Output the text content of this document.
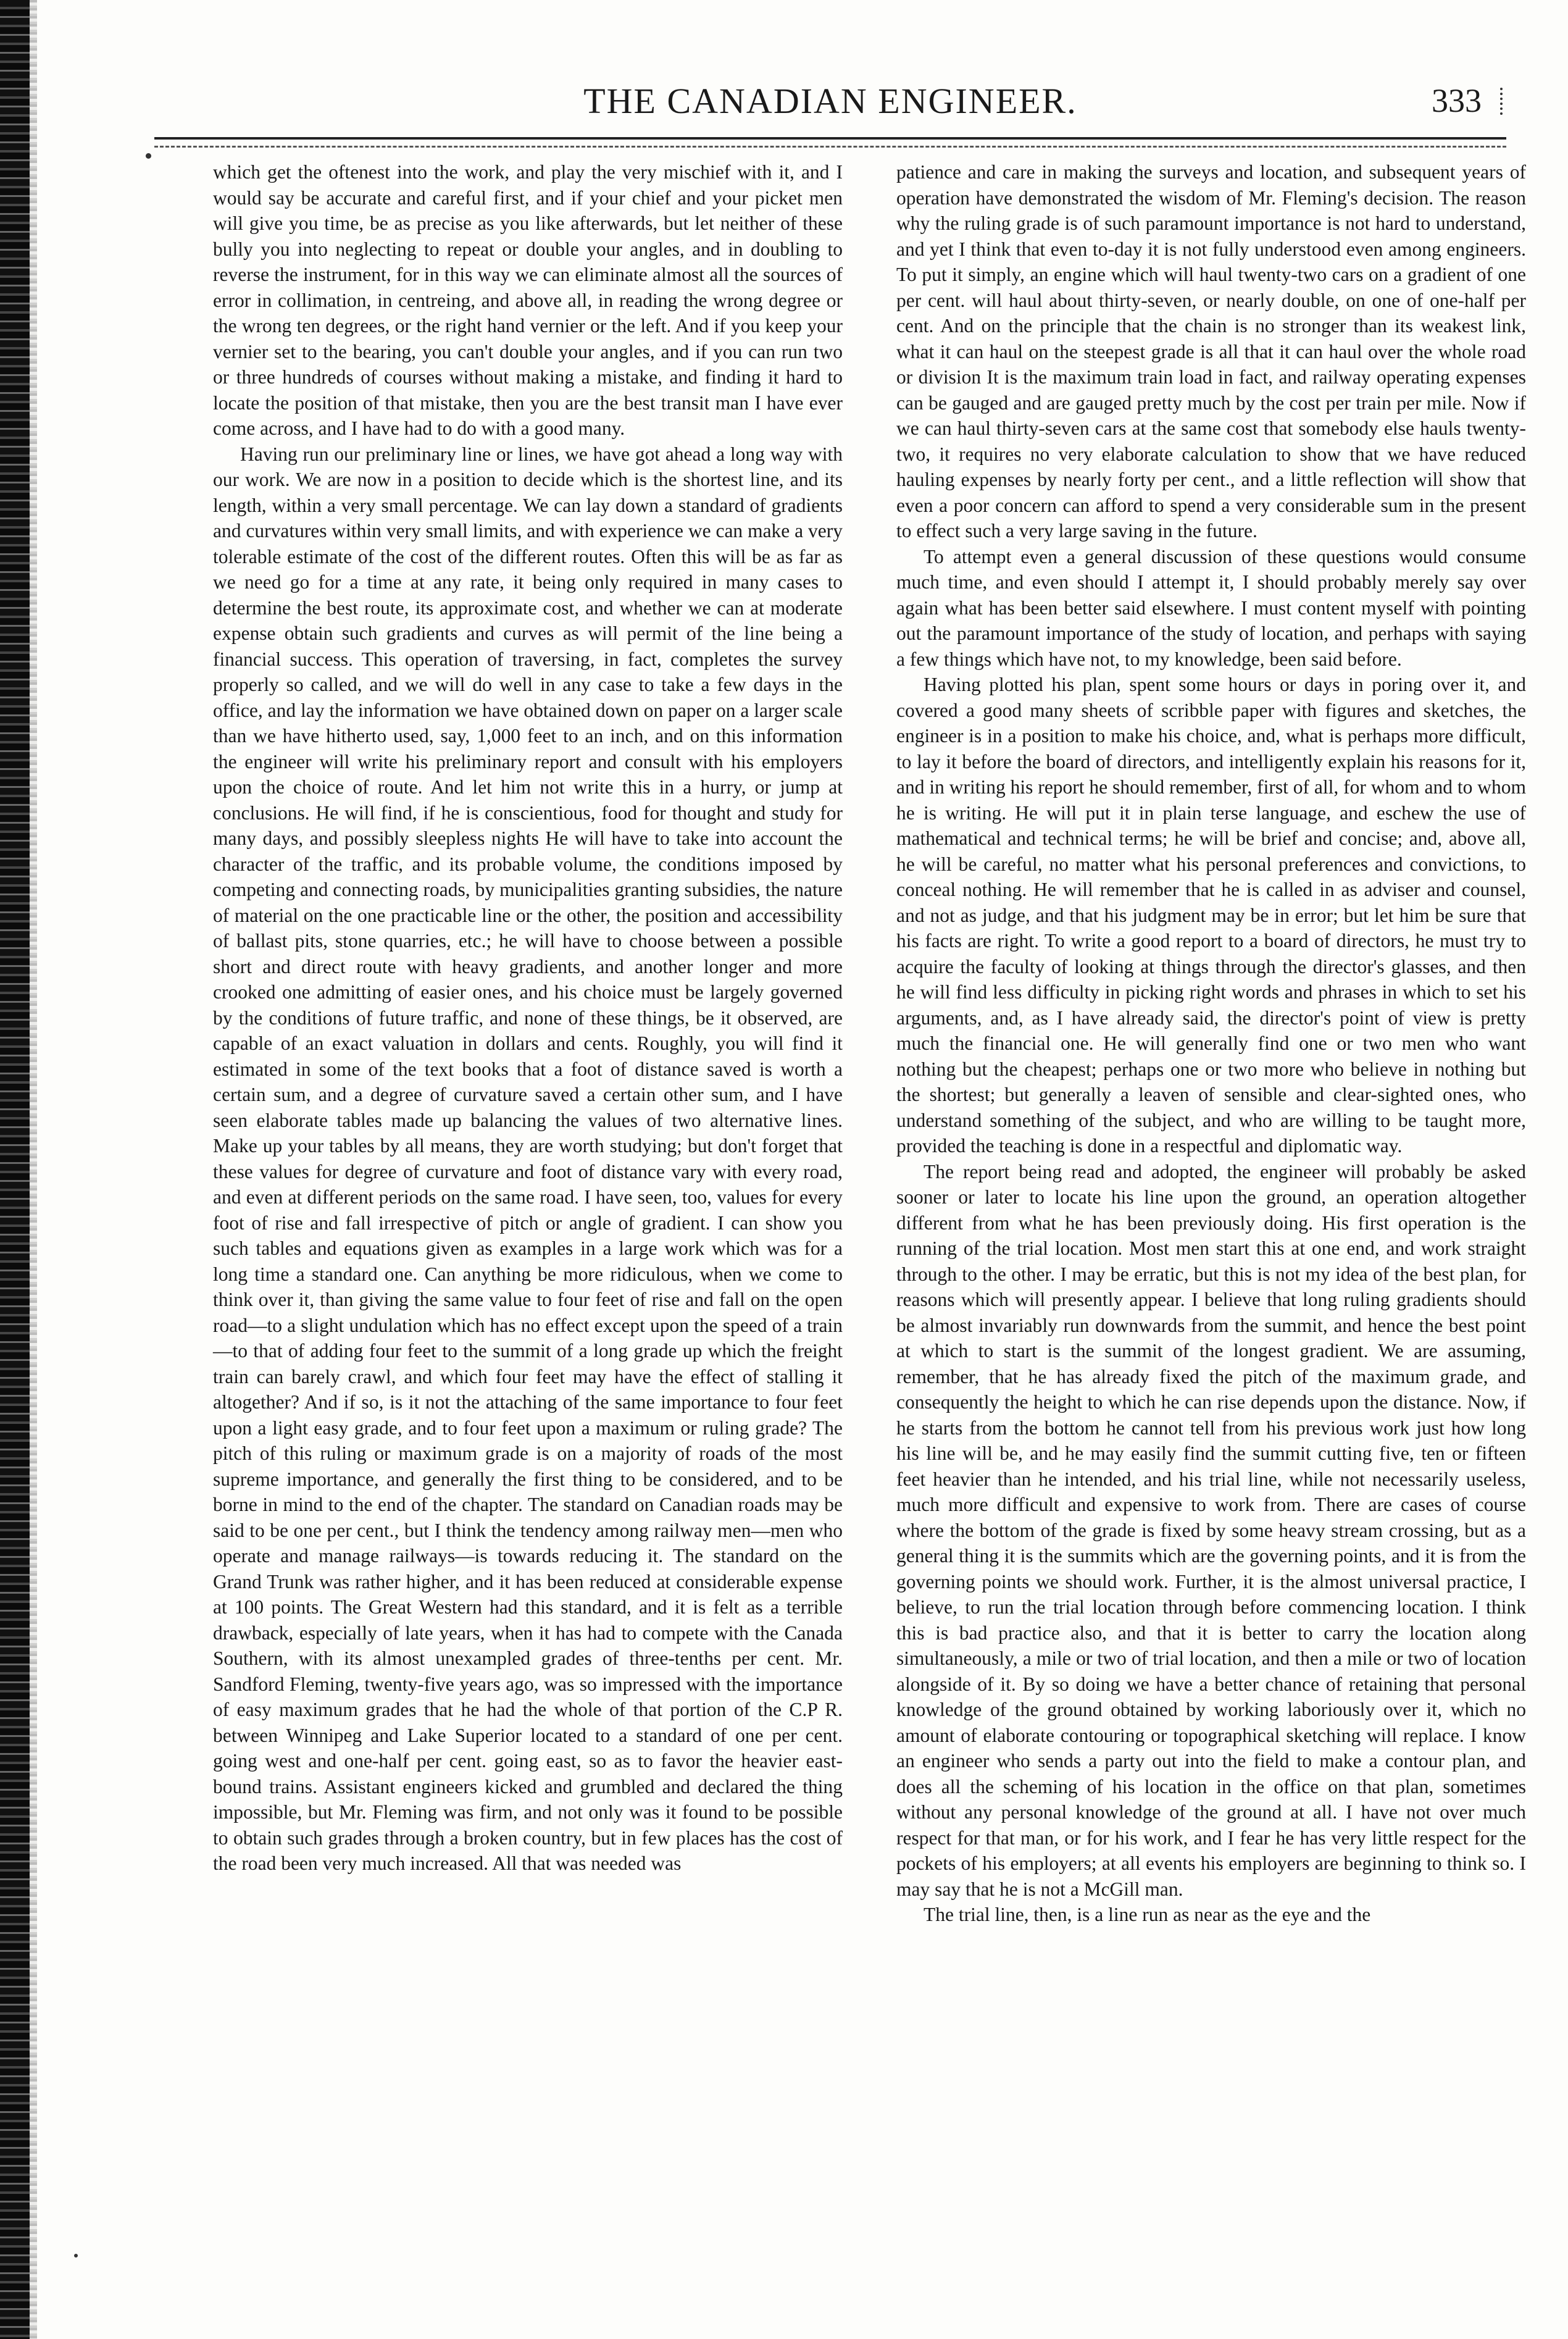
THE CANADIAN ENGINEER.	333

which get the oftenest into the work, and play the very mischief with it, and I would say be accurate and careful first, and if your chief and your picket men will give you time, be as precise as you like afterwards, but let neither of these bully you into neglecting to repeat or double your angles, and in doubling to reverse the instrument, for in this way we can eliminate almost all the sources of error in collimation, in centreing, and above all, in reading the wrong degree or the wrong ten degrees, or the right hand vernier or the left. And if you keep your vernier set to the bearing, you can't double your angles, and if you can run two or three hundreds of courses without making a mistake, and finding it hard to locate the position of that mistake, then you are the best transit man I have ever come across, and I have had to do with a good many.

Having run our preliminary line or lines, we have got ahead a long way with our work. We are now in a position to decide which is the shortest line, and its length, within a very small percentage. We can lay down a standard of gradients and curvatures within very small limits, and with experience we can make a very tolerable estimate of the cost of the different routes. Often this will be as far as we need go for a time at any rate, it being only required in many cases to determine the best route, its approximate cost, and whether we can at moderate expense obtain such gradients and curves as will permit of the line being a financial success. This operation of traversing, in fact, completes the survey properly so called, and we will do well in any case to take a few days in the office, and lay the information we have obtained down on paper on a larger scale than we have hitherto used, say, 1,000 feet to an inch, and on this information the engineer will write his preliminary report and consult with his employers upon the choice of route. And let him not write this in a hurry, or jump at conclusions. He will find, if he is conscientious, food for thought and study for many days, and possibly sleepless nights He will have to take into account the character of the traffic, and its probable volume, the conditions imposed by competing and connecting roads, by municipalities granting subsidies, the nature of material on the one practicable line or the other, the position and accessibility of ballast pits, stone quarries, etc.; he will have to choose between a possible short and direct route with heavy gradients, and another longer and more crooked one admitting of easier ones, and his choice must be largely governed by the conditions of future traffic, and none of these things, be it observed, are capable of an exact valuation in dollars and cents. Roughly, you will find it estimated in some of the text books that a foot of distance saved is worth a certain sum, and a degree of curvature saved a certain other sum, and I have seen elaborate tables made up balancing the values of two alternative lines. Make up your tables by all means, they are worth studying; but don't forget that these values for degree of curvature and foot of distance vary with every road, and even at different periods on the same road. I have seen, too, values for every foot of rise and fall irrespective of pitch or angle of gradient. I can show you such tables and equations given as examples in a large work which was for a long time a standard one. Can anything be more ridiculous, when we come to think over it, than giving the same value to four feet of rise and fall on the open road—to a slight undulation which has no effect except upon the speed of a train—to that of adding four feet to the summit of a long grade up which the freight train can barely crawl, and which four feet may have the effect of stalling it altogether? And if so, is it not the attaching of the same importance to four feet upon a light easy grade, and to four feet upon a maximum or ruling grade? The pitch of this ruling or maximum grade is on a majority of roads of the most supreme importance, and generally the first thing to be considered, and to be borne in mind to the end of the chapter. The standard on Canadian roads may be said to be one per cent., but I think the tendency among railway men—men who operate and manage railways—is towards reducing it. The standard on the Grand Trunk was rather higher, and it has been reduced at considerable expense at 100 points. The Great Western had this standard, and it is felt as a terrible drawback, especially of late years, when it has had to compete with the Canada Southern, with its almost unexampled grades of three-tenths per cent. Mr. Sandford Fleming, twenty-five years ago, was so impressed with the importance of easy maximum grades that he had the whole of that portion of the C.P R. between Winnipeg and Lake Superior located to a standard of one per cent. going west and one-half per cent. going east, so as to favor the heavier east-bound trains. Assistant engineers kicked and grumbled and declared the thing impossible, but Mr. Fleming was firm, and not only was it found to be possible to obtain such grades through a broken country, but in few places has the cost of the road been very much increased. All that was needed was

patience and care in making the surveys and location, and subsequent years of operation have demonstrated the wisdom of Mr. Fleming's decision. The reason why the ruling grade is of such paramount importance is not hard to understand, and yet I think that even to-day it is not fully understood even among engineers. To put it simply, an engine which will haul twenty-two cars on a gradient of one per cent. will haul about thirty-seven, or nearly double, on one of one-half per cent. And on the principle that the chain is no stronger than its weakest link, what it can haul on the steepest grade is all that it can haul over the whole road or division It is the maximum train load in fact, and railway operating expenses can be gauged and are gauged pretty much by the cost per train per mile. Now if we can haul thirty-seven cars at the same cost that somebody else hauls twenty-two, it requires no very elaborate calculation to show that we have reduced hauling expenses by nearly forty per cent., and a little reflection will show that even a poor concern can afford to spend a very considerable sum in the present to effect such a very large saving in the future.

To attempt even a general discussion of these questions would consume much time, and even should I attempt it, I should probably merely say over again what has been better said elsewhere. I must content myself with pointing out the paramount importance of the study of location, and perhaps with saying a few things which have not, to my knowledge, been said before.

Having plotted his plan, spent some hours or days in poring over it, and covered a good many sheets of scribble paper with figures and sketches, the engineer is in a position to make his choice, and, what is perhaps more difficult, to lay it before the board of directors, and intelligently explain his reasons for it, and in writing his report he should remember, first of all, for whom and to whom he is writing. He will put it in plain terse language, and eschew the use of mathematical and technical terms; he will be brief and concise; and, above all, he will be careful, no matter what his personal preferences and convictions, to conceal nothing. He will remember that he is called in as adviser and counsel, and not as judge, and that his judgment may be in error; but let him be sure that his facts are right. To write a good report to a board of directors, he must try to acquire the faculty of looking at things through the director's glasses, and then he will find less difficulty in picking right words and phrases in which to set his arguments, and, as I have already said, the director's point of view is pretty much the financial one. He will generally find one or two men who want nothing but the cheapest; perhaps one or two more who believe in nothing but the shortest; but generally a leaven of sensible and clear-sighted ones, who understand something of the subject, and who are willing to be taught more, provided the teaching is done in a respectful and diplomatic way.

The report being read and adopted, the engineer will probably be asked sooner or later to locate his line upon the ground, an operation altogether different from what he has been previously doing. His first operation is the running of the trial location. Most men start this at one end, and work straight through to the other. I may be erratic, but this is not my idea of the best plan, for reasons which will presently appear. I believe that long ruling gradients should be almost invariably run downwards from the summit, and hence the best point at which to start is the summit of the longest gradient. We are assuming, remember, that he has already fixed the pitch of the maximum grade, and consequently the height to which he can rise depends upon the distance. Now, if he starts from the bottom he cannot tell from his previous work just how long his line will be, and he may easily find the summit cutting five, ten or fifteen feet heavier than he intended, and his trial line, while not necessarily useless, much more difficult and expensive to work from. There are cases of course where the bottom of the grade is fixed by some heavy stream crossing, but as a general thing it is the summits which are the governing points, and it is from the governing points we should work. Further, it is the almost universal practice, I believe, to run the trial location through before commencing location. I think this is bad practice also, and that it is better to carry the location along simultaneously, a mile or two of trial location, and then a mile or two of location alongside of it. By so doing we have a better chance of retaining that personal knowledge of the ground obtained by working laboriously over it, which no amount of elaborate contouring or topographical sketching will replace. I know an engineer who sends a party out into the field to make a contour plan, and does all the scheming of his location in the office on that plan, sometimes without any personal knowledge of the ground at all. I have not over much respect for that man, or for his work, and I fear he has very little respect for the pockets of his employers; at all events his employers are beginning to think so. I may say that he is not a McGill man.

The trial line, then, is a line run as near as the eye and the
